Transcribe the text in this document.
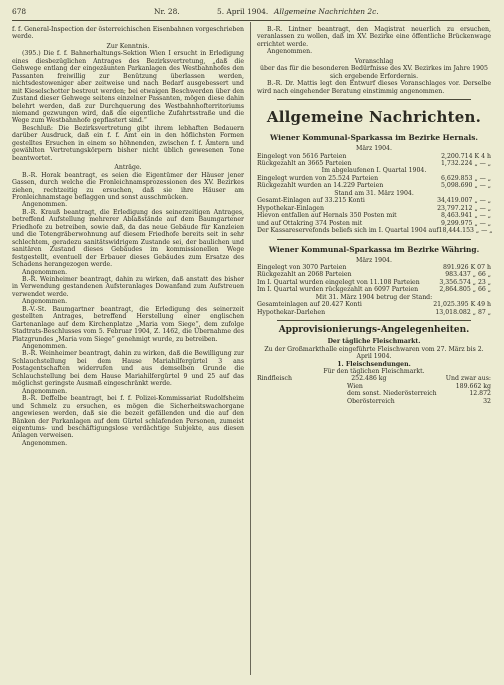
678	Nr. 28.	5. April 1904. Allgemeine Nachrichten 2c.

f. f. General-Inspection der österreichischen Eisenbahnen vorgeschrieben werde.

Zur Kenntnis.

(395.) Die f. f. Bahnerhaltungs-Sektion Wien I ersucht in Erledigung eines diesbezüglichen Antrages des Bezirksvertretung, „daß die Gehwege entlang der eingezäunten Parkanlagen des Westbahnhofes den Passanten freiwillig zur Benützung überlassen werden, nichtsdestoweniger aber zeitweise und nach Bedarf ausgebessert und mit Kieselschotter bestreut werden; bei etwaigen Beschwerden über den Zustand dieser Gehwege seitens einzelner Passanten, mögen diese dahin belehrt werden, daß zur Durchquerung des Westbahnhofterritoriums niemand gezwungen wird, daß die eigentliche Zufahrtsstraße und die Wege zum Westbahnhofe gepflastert sind.“

Beschluß: Die Bezirksvertretung gibt ihrem lebhaften Bedauern darüber Ausdruck, daß ein f. f. Amt ein in den höflichsten Formen gestelltes Ersuchen in einem so höhnenden, zwischen f. f. Ämtern und gewählten Vertretungskörpern bisher nicht üblich gewesenen Tone beantwortet.

Anträge.

B.-R. Horak beantragt, es seien die Eigentümer der Häuser jener Gassen, durch welche die Fronleichnamsprozessionen des XV. Bezirkes ziehen, rechtzeitig zu ersuchen, daß sie ihre Häuser am Fronleichnamstage beflaggen und sonst ausschmücken.

Angenommen.

B.-R. Krauß beantragt, die Erledigung des seinerzeitigen Antrages, betreffend Aufstellung mehrerer Ablaßstände auf dem Baumgartener Friedhofe zu betreiben, sowie daß, da das neue Gebäude für Kanzleien und die Totengräberwohnung auf diesem Friedhofe bereits seit in sehr schlechtem, geradezu sanitätswidrigem Zustande sei, der baulichen und sanitären Zustand dieses Gebäudes im kommissionellen Wege festgestellt, eventuell der Erbauer dieses Gebäudes zum Ersatze des Schadens herangezogen werde.

Angenommen.

B.-R. Weinheimer beantragt, dahin zu wirken, daß anstatt des bisher in Verwendung gestandenen Aufsteranlages Dowanfand zum Aufstreuen verwendet werde.

Angenommen.

B.-V.-St. Baumgartner beantragt, die Erledigung des seinerzeit gestellten Antrages, betreffend Herstellung einer englischen Gartenanlage auf dem Kirchenplatze „Maria vom Siege“, dem zufolge Stadtrats-Beschlusses vom 5. Februar 1904, Z. 1462, die Übernahme des Platzgrundes „Maria vom Siege“ genehmigt wurde, zu betreiben.

Angenommen.

B.-R. Weinheimer beantragt, dahin zu wirken, daß die Bewilligung zur Schlauchstellung bei dem Hause Mariahilfergürtel 3 ans Postagentschaften widerrufen und aus demselben Grunde die Schlauchstellung bei dem Hause Mariahilfergürtel 9 und 25 auf das möglichst geringste Ausmaß eingeschränkt werde.

Angenommen.

B.-R. Deffelbe beantragt, bei f. f. Polizei-Kommissariat Rudolfsheim und Schmelz zu ersuchen, es mögen die Sicherheitswachorgane angewiesen werden, daß sie die bezeit gefällenden und die auf den Bänken der Parkanlagen auf dem Gürtel schlafenden Personen, zumeist eigentums- und beschäftigungslose verdächtige Subjekte, aus diesen Anlagen verweisen.

Angenommen.

B.-R. Lintner beantragt, den Magistrat neuerlich zu ersuchen, veranlassen zu wollen, daß im XV. Bezirke eine öffentliche Brückenwage errichtet werde.

Angenommen.

Voranschlag

über das für die besonderen Bedürfnisse des XV. Bezirkes im Jahre 1905 sich ergebende Erfordernis.

B.-R. Dr. Mattis legt den Entwurf dieses Voranschlages vor. Derselbe wird nach eingehender Beratung einstimmig angenommen.

Allgemeine Nachrichten.
Wiener Kommunal-Sparkassa im Bezirke Hernals.

März 1904.

Eingelegt von 5616 Parteien	2,200.714 K 4 h
Rückgezahlt an 3665 Parteien	1,732.224 „ — „
Im abgelaufenen I. Quartal 1904.
Eingelegt wurden von 25.524 Parteien	6,629.853 „ — „
Rückgezahlt wurden an 14.229 Parteien	5,098.690 „ — „
Stand am 31. März 1904.
Gesamt-Einlagen auf 33.215 Konti	34,419.007 „ — „
Hypothekar-Einlagen	23,797.212 „ — „
Hievon entfallen auf Hernals 350 Posten mit	8,463.941 „ — „
und auf Ottakring 374 Posten mit	9,299.975 „ — „
Der Kassareservefonds beliefs sich im I. Quartal 1904 auf 18,444.153 „ — „
Wiener Kommunal-Sparkassa im Bezirke Währing.

März 1904.

Eingelegt von 3070 Parteien	891.926 K 07 h
Rückgezahlt an 2068 Parteien	983.437 „ 66 „
Im I. Quartal wurden eingelegt von 11.108 Parteien	3,356.574 „ 23 „
Im I. Quartal wurden rückgezahlt an 6097 Parteien	2,864.805 „ 66 „
Mit 31. März 1904 betrug der Stand:
Gesamteinlagen auf 20.427 Konti	21,025.395 K 49 h
Hypothekar-Darlehen	13,018.082 „ 87 „
Approvisionierungs-Angelegenheiten.

Der tägliche Fleischmarkt.

Zu der Großmarkthalle eingeführte Fleischwaren vom 27. März bis 2. April 1904.

1. Fleischsendungen.

Für den täglichen Fleischmarkt.

Rindfleisch	252.486 kg	Und zwar aus:
Wien	189.662 kg
dem sonst. Niederösterreich	12.872
Oberösterreich	32
